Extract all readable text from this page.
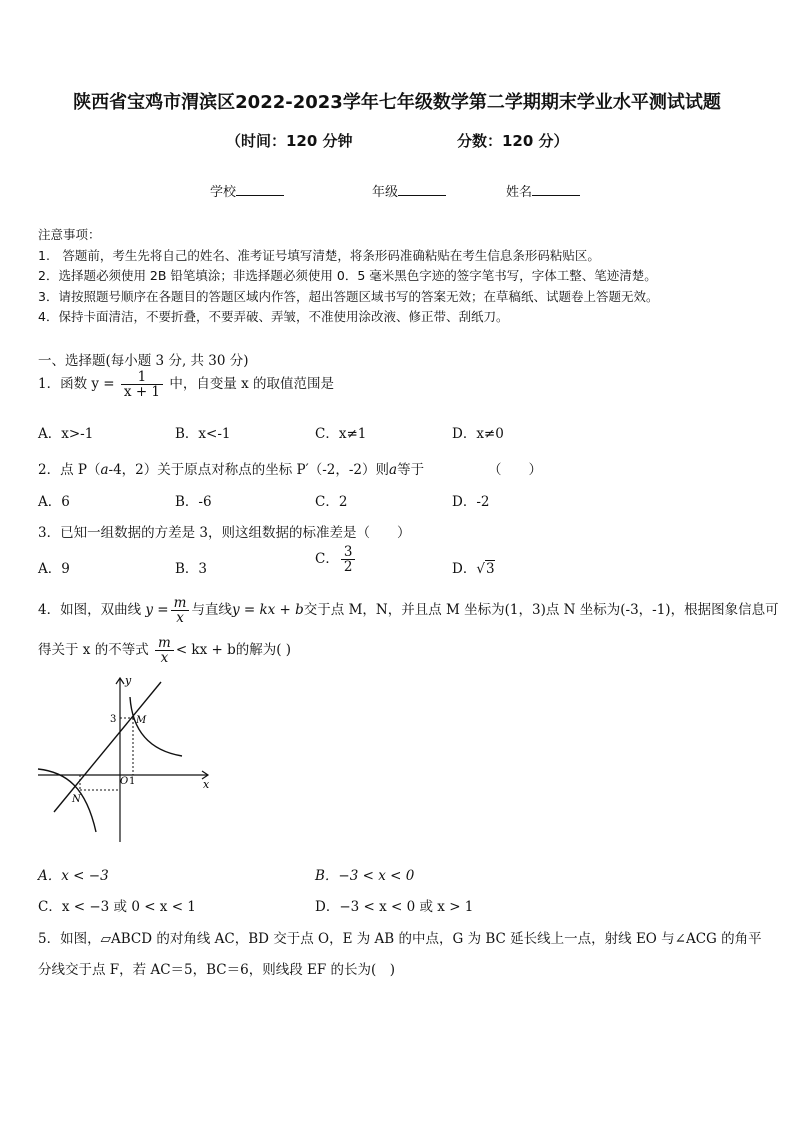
陕西省宝鸡市渭滨区2022-2023学年七年级数学第二学期期末学业水平测试试题
（时间：120 分钟	分数：120 分）
学校	年级	姓名
注意事项：
1.　答题前，考生先将自己的姓名、准考证号填写清楚，将条形码准确粘贴在考生信息条形码粘贴区。
2．选择题必须使用 2B 铅笔填涂；非选择题必须使用 0．5 毫米黑色字迹的签字笔书写，字体工整、笔迹清楚。
3．请按照题号顺序在各题目的答题区域内作答，超出答题区域书写的答案无效；在草稿纸、试题卷上答题无效。
4．保持卡面清洁，不要折叠，不要弄破、弄皱，不准使用涂改液、修正带、刮纸刀。
一、选择题(每小题 3 分, 共 30 分)
1．函数 $y = \frac{1}{x + 1}$ 中，自变量 x 的取值范围是
A．x>-1	B．x<-1	C．x≠1	D．x≠0
2．点 P（a-4，2）关于原点对称点的坐标 P′（-2，-2）则a等于	（　　）
A．6	B．-6	C．2	D．-2
3．已知一组数据的方差是 3，则这组数据的标准差是（　　）
A．9	B．3
C． $\frac{3}{2}$	D．√3
4．如图，双曲线 $y = \frac{m}{x}$ 与直线y = kx + b交于点 M，N，并且点 M 坐标为(1，3)点 N 坐标为(-3，-1)，根据图象信息可
得关于 x 的不等式 $\frac{m}{x}$ < kx + b的解为( )
y
x
3
O 1
M
N
A．x < −3	B．−3 < x < 0
C．x < −3 或 0 < x < 1	D．−3 < x < 0 或 x > 1
5．如图，▱ABCD 的对角线 AC，BD 交于点 O，E 为 AB 的中点，G 为 BC 延长线上一点，射线 EO 与∠ACG 的角平
分线交于点 F，若 AC＝5，BC＝6，则线段 EF 的长为(　)
